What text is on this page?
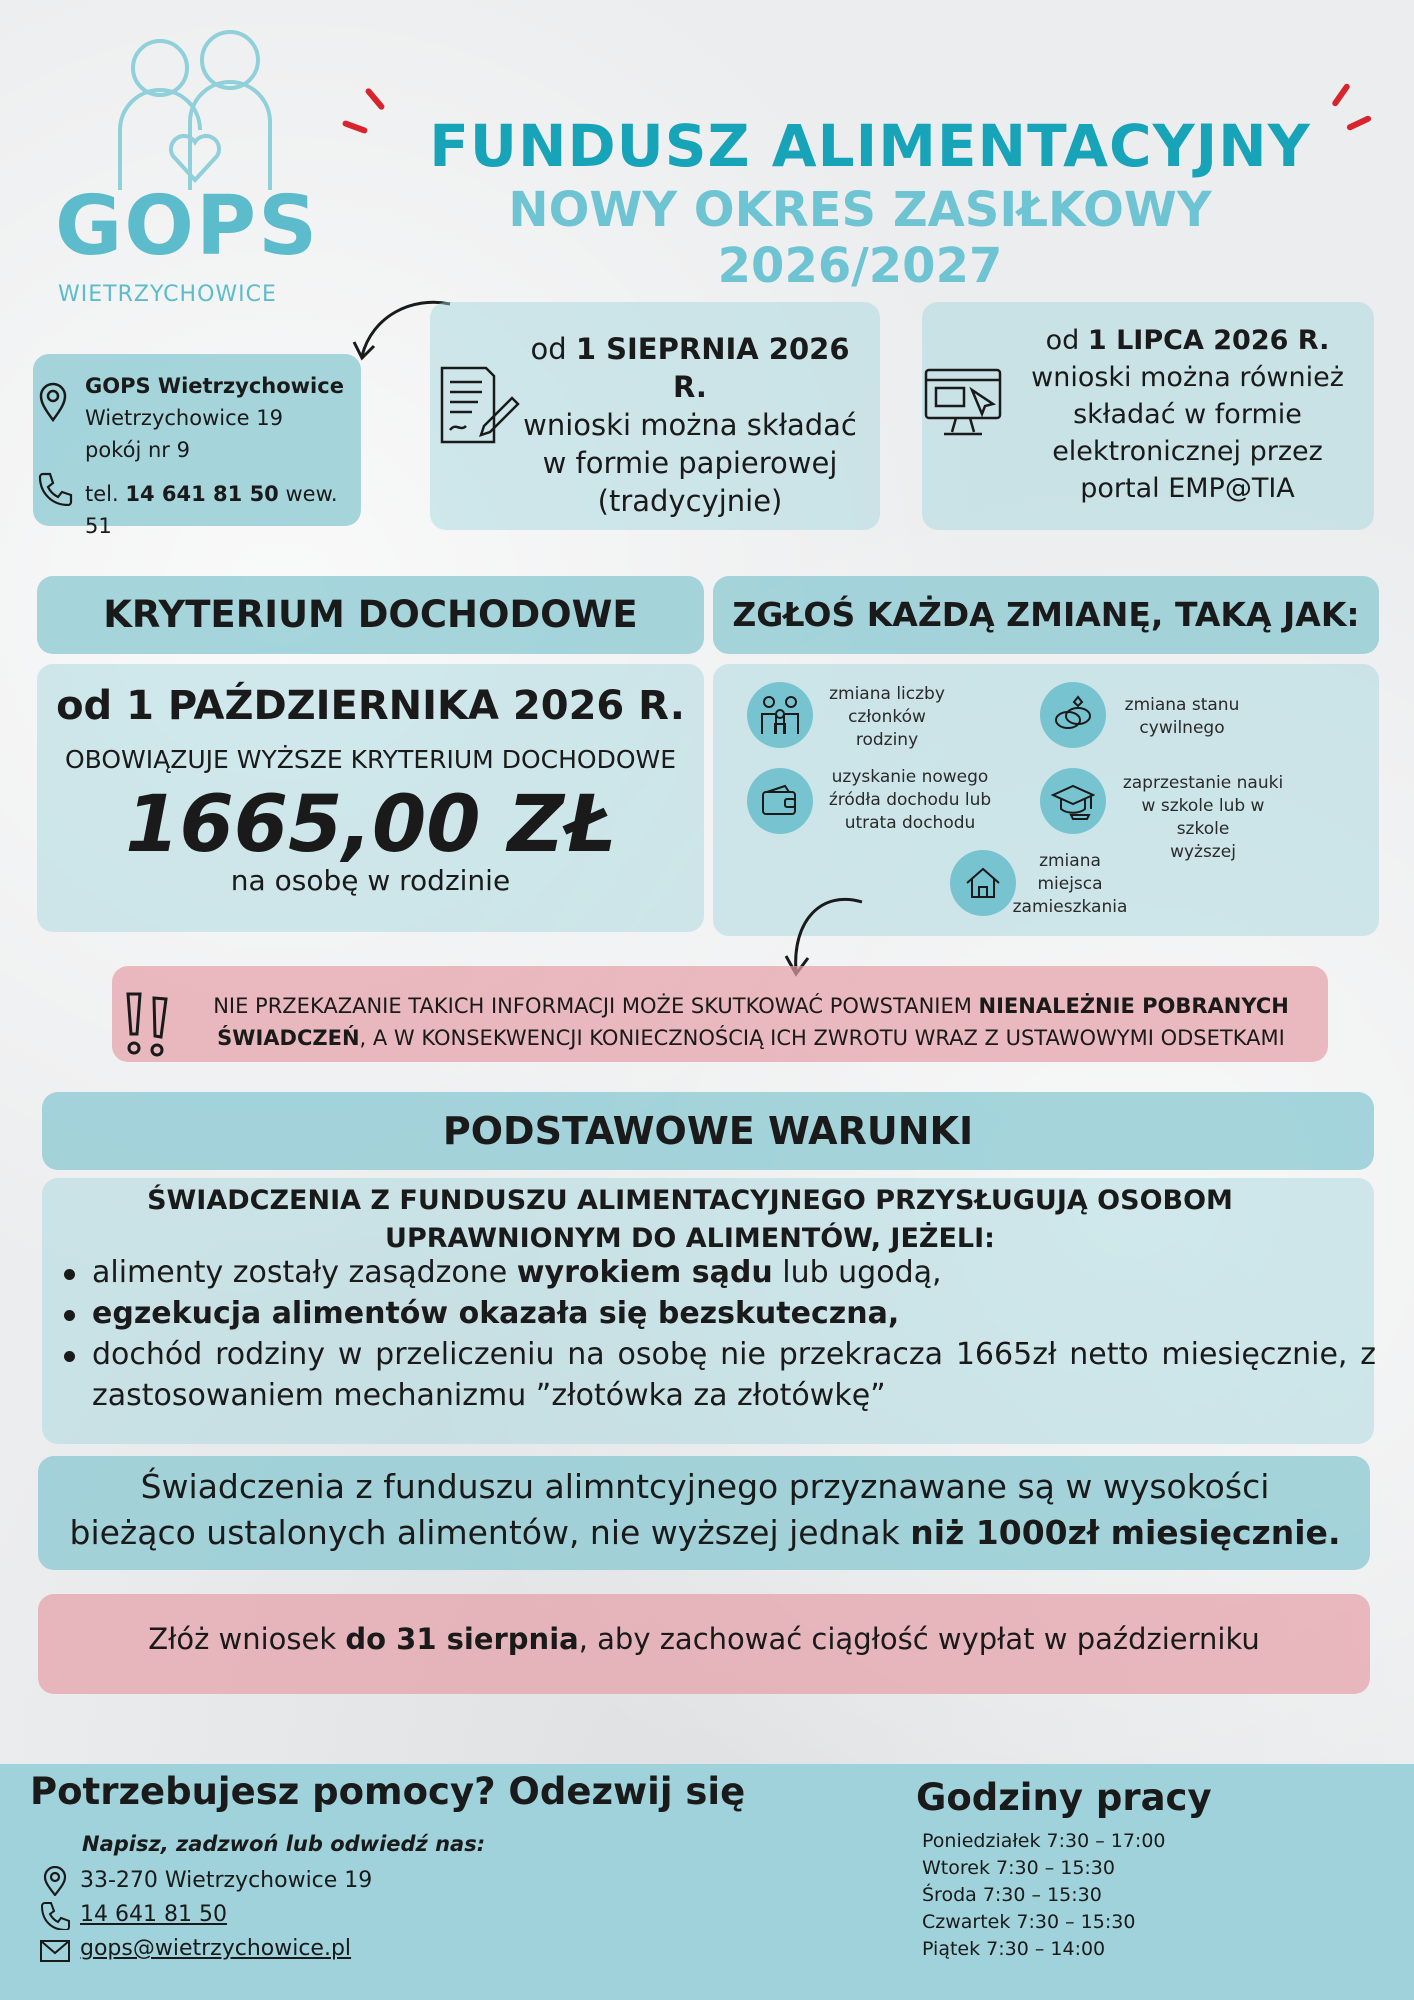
GOPS
WIETRZYCHOWICE
FUNDUSZ ALIMENTACYJNY
NOWY OKRES ZASIŁKOWY 2026/2027
GOPS Wietrzychowice
Wietrzychowice 19
pokój nr 9
tel. 14 641 81 50 wew. 51
od 1 SIEPRNIA 2026 R.
wnioski można składać
w formie papierowej
(tradycyjnie)
od 1 LIPCA 2026 R.
wnioski można również
składać w formie
elektronicznej przez
portal EMP@TIA
KRYTERIUM DOCHODOWE
od 1 PAŹDZIERNIKA 2026 R.
OBOWIĄZUJE WYŻSZE KRYTERIUM DOCHODOWE
1665,00 ZŁ
na osobę w rodzinie
ZGŁOŚ KAŻDĄ ZMIANĘ, TAKĄ JAK:
zmiana liczby
członków
rodziny
zmiana stanu
cywilnego
uzyskanie nowego
źródła dochodu lub
utrata dochodu
zaprzestanie nauki
w szkole lub w szkole
wyższej
zmiana
miejsca
zamieszkania
NIE PRZEKAZANIE TAKICH INFORMACJI MOŻE SKUTKOWAĆ POWSTANIEM NIENALEŻNIE POBRANYCH
ŚWIADCZEŃ, A W KONSEKWENCJI KONIECZNOŚCIĄ ICH ZWROTU WRAZ Z USTAWOWYMI ODSETKAMI
PODSTAWOWE WARUNKI
ŚWIADCZENIA Z FUNDUSZU ALIMENTACYJNEGO PRZYSŁUGUJĄ OSOBOM
UPRAWNIONYM DO ALIMENTÓW, JEŻELI:
alimenty zostały zasądzone wyrokiem sądu lub ugodą,
egzekucja alimentów okazała się bezskuteczna,
dochód rodziny w przeliczeniu na osobę nie przekracza 1665zł netto miesięcznie, z zastosowaniem mechanizmu ”złotówka za złotówkę”
Świadczenia z funduszu alimntcyjnego przyznawane są w wysokości
bieżąco ustalonych alimentów, nie wyższej jednak niż 1000zł miesięcznie.
Złóż wniosek do 31 sierpnia, aby zachować ciągłość wypłat w październiku
Potrzebujesz pomocy? Odezwij się
Napisz, zadzwoń lub odwiedź nas:
33-270 Wietrzychowice 19
14 641 81 50
gops@wietrzychowice.pl
Godziny pracy
Poniedziałek 7:30 – 17:00
Wtorek 7:30 – 15:30
Środa 7:30 – 15:30
Czwartek 7:30 – 15:30
Piątek 7:30 – 14:00
